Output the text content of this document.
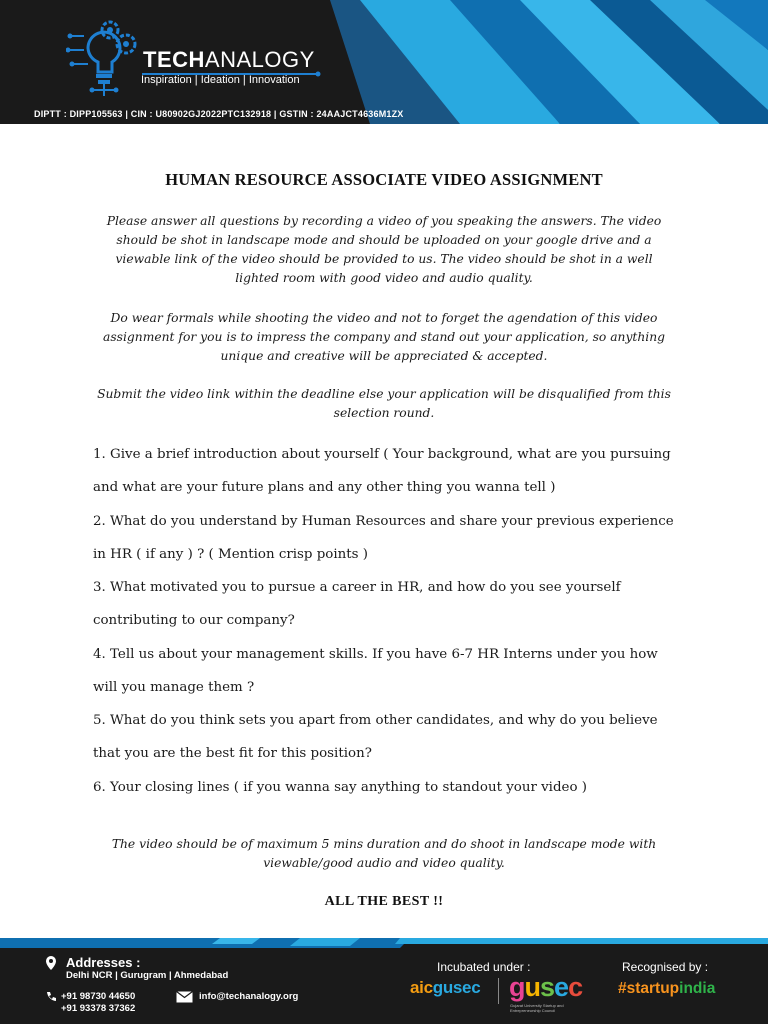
TECHANALOGY
Inspiration | Ideation | Innovation
DIPTT : DIPP105563 | CIN : U80902GJ2022PTC132918 | GSTIN : 24AAJCT4636M1ZX
HUMAN RESOURCE ASSOCIATE VIDEO ASSIGNMENT
Please answer all questions by recording a video of you speaking the answers. The video should be shot in landscape mode and should be uploaded on your google drive and a viewable link of the video should be provided to us. The video should be shot in a well lighted room with good video and audio quality.
Do wear formals while shooting the video and not to forget the agendation of this video assignment for you is to impress the company and stand out your application, so anything unique and creative will be appreciated & accepted.
Submit the video link within the deadline else your application will be disqualified from this selection round.
1. Give a brief introduction about yourself ( Your background, what are you pursuing and what are your future plans and any other thing you wanna tell )
2. What do you understand by Human Resources and share your previous experience in HR ( if any ) ? ( Mention crisp points )
3. What motivated you to pursue a career in HR, and how do you see yourself contributing to our company?
4. Tell us about your management skills. If you have 6-7 HR Interns under you how will you manage them ?
5. What do you think sets you apart from other candidates, and why do you believe that you are the best fit for this position?
6. Your closing lines ( if you wanna say anything to standout your video )
The video should be of maximum 5 mins duration and do shoot in landscape mode with viewable/good audio and video quality.
ALL THE BEST !!
Addresses :
Delhi NCR | Gurugram | Ahmedabad
+91 98730 44650
+91 93378 37362
info@techanalogy.org
Incubated under :
aicgusec gusec
Gujarat University Startup and Entrepreneurship Council
Recognised by :
#startupindia
